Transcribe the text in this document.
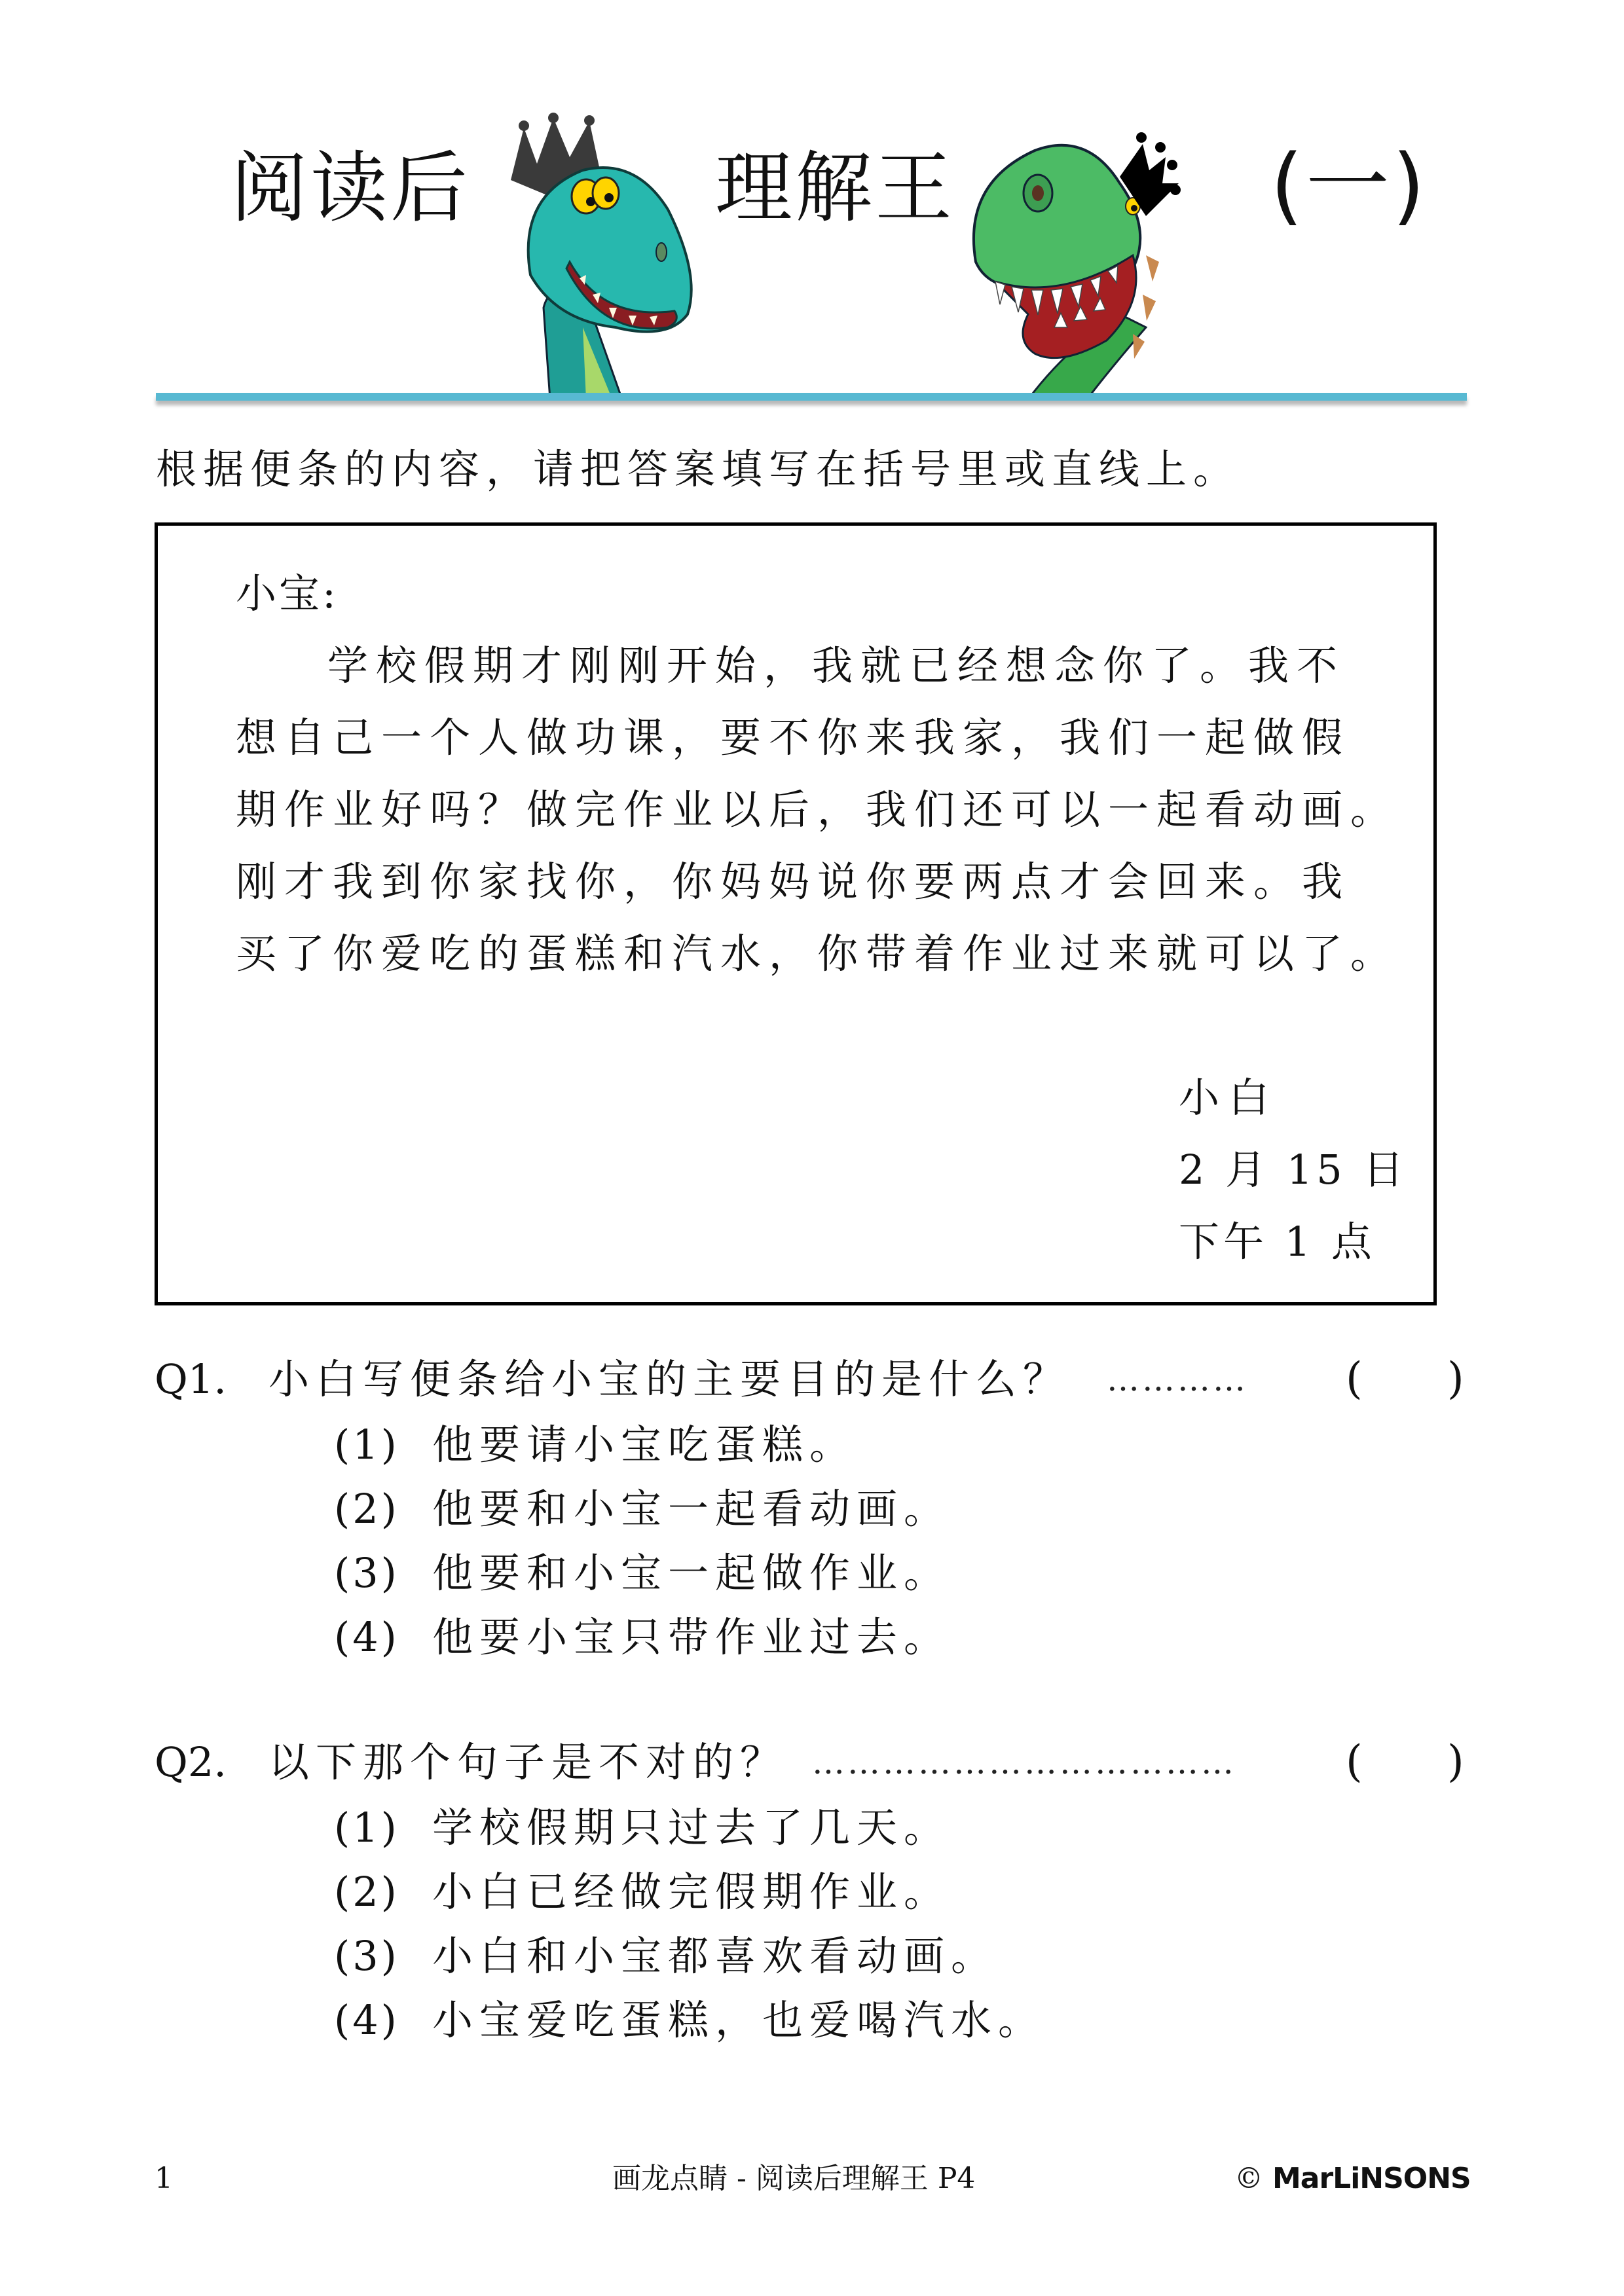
阅读后	理解王	(一)
根据便条的内容，请把答案填写在括号里或直线上。
小宝:
学校假期才刚刚开始，我就已经想念你了。我不
想自己一个人做功课，要不你来我家，我们一起做假
期作业好吗？做完作业以后，我们还可以一起看动画。
刚才我到你家找你，你妈妈说你要两点才会回来。我
买了你爱吃的蛋糕和汽水，你带着作业过来就可以了。
小白
2 月 15 日
下午 1 点
Q1. 小白写便条给小宝的主要目的是什么？ ………… ( )
(1) 他要请小宝吃蛋糕。
(2) 他要和小宝一起看动画。
(3) 他要和小宝一起做作业。
(4) 他要小宝只带作业过去。
Q2. 以下那个句子是不对的？ ………………………………	( )
(1) 学校假期只过去了几天。
(2) 小白已经做完假期作业。
(3) 小白和小宝都喜欢看动画。
(4) 小宝爱吃蛋糕，也爱喝汽水。
1	画龙点睛 - 阅读后理解王 P4	© MarLiNSONS
